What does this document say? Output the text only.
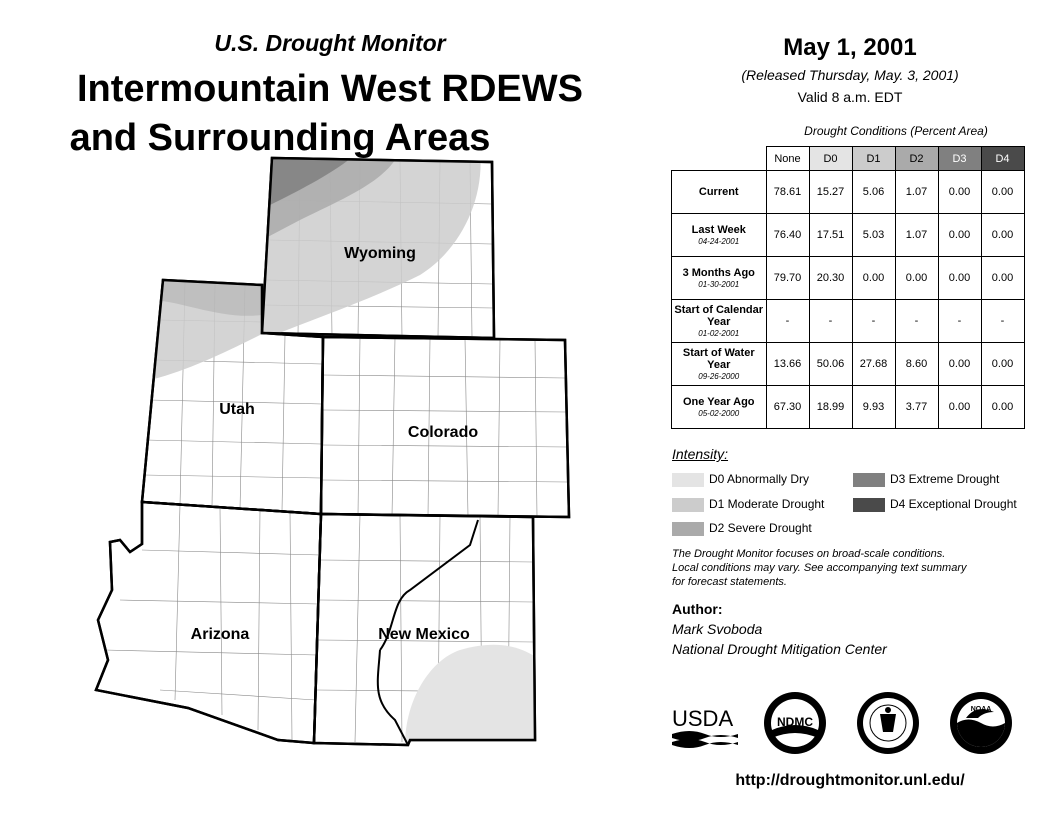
U.S. Drought Monitor
Intermountain West RDEWS
and Surrounding Areas
Wyoming
Utah
Colorado
Arizona	New Mexico
May 1, 2001
(Released Thursday, May. 3, 2001)
Valid 8 a.m. EDT
Drought Conditions (Percent Area)
	None	D0	D1	D2	D3	D4
Current	78.61	15.27	5.06	1.07	0.00	0.00
Last Week
04-24-2001	76.40	17.51	5.03	1.07	0.00	0.00
3 Months Ago
01-30-2001	79.70	20.30	0.00	0.00	0.00	0.00
Start of Calendar Year
01-02-2001	-	-	-	-	-	-
Start of Water Year
09-26-2000	13.66	50.06	27.68	8.60	0.00	0.00
One Year Ago
05-02-2000	67.30	18.99	9.93	3.77	0.00	0.00
Intensity:
D0 Abnormally Dry
D1 Moderate Drought
D2 Severe Drought
D3 Extreme Drought
D4 Exceptional Drought
The Drought Monitor focuses on broad-scale conditions.
Local conditions may vary. See accompanying text summary
for forecast statements.
Author:
Mark Svoboda
National Drought Mitigation Center
USDA	NDMC
NOAA
http://droughtmonitor.unl.edu/
